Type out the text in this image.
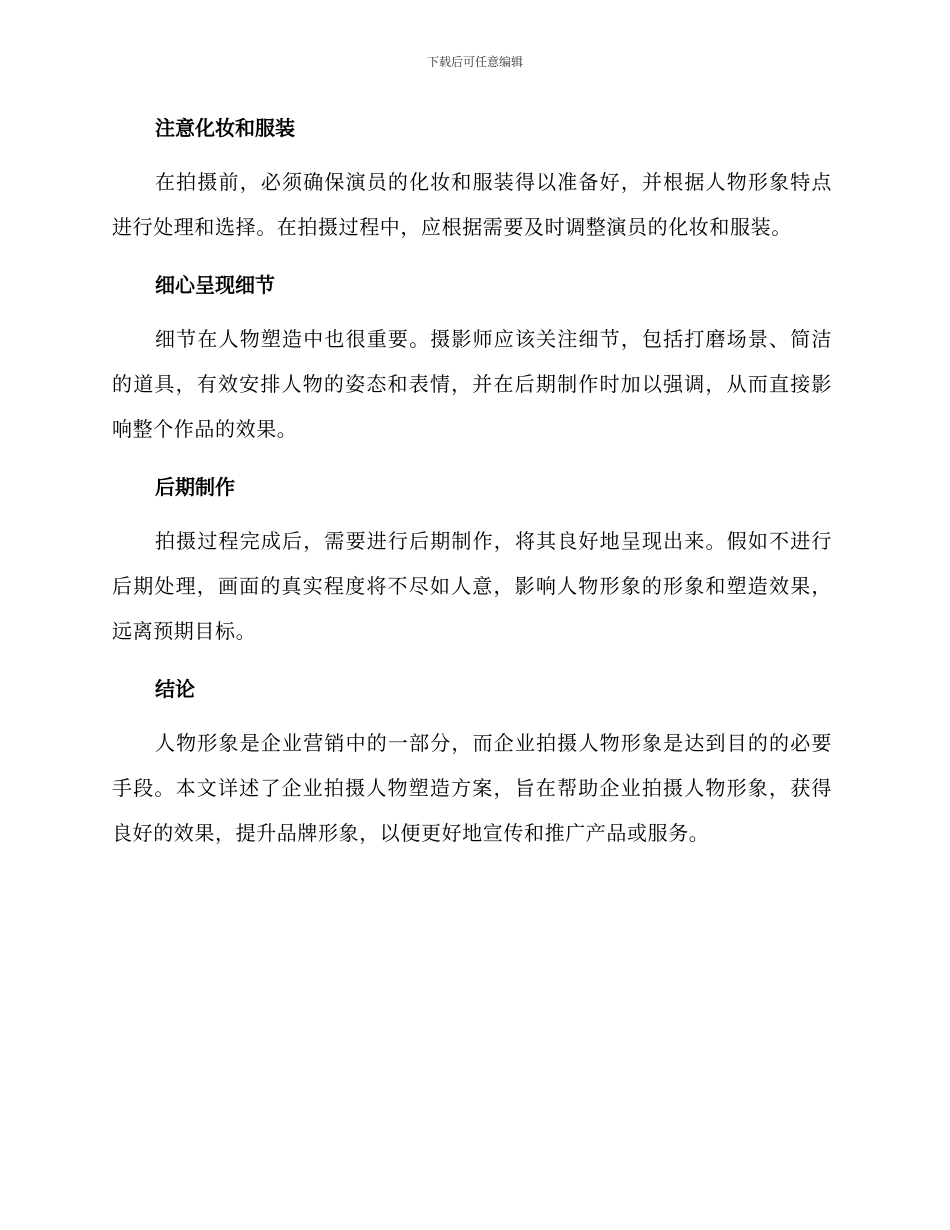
下载后可任意编辑
注意化妆和服装

在拍摄前，必须确保演员的化妆和服装得以准备好，并根据人物形象特点进行处理和选择。在拍摄过程中，应根据需要及时调整演员的化妆和服装。

细心呈现细节

细节在人物塑造中也很重要。摄影师应该关注细节，包括打磨场景、简洁的道具，有效安排人物的姿态和表情，并在后期制作时加以强调，从而直接影响整个作品的效果。

后期制作

拍摄过程完成后，需要进行后期制作，将其良好地呈现出来。假如不进行后期处理，画面的真实程度将不尽如人意，影响人物形象的形象和塑造效果，远离预期目标。

结论

人物形象是企业营销中的一部分，而企业拍摄人物形象是达到目的的必要手段。本文详述了企业拍摄人物塑造方案，旨在帮助企业拍摄人物形象，获得良好的效果，提升品牌形象，以便更好地宣传和推广产品或服务。
